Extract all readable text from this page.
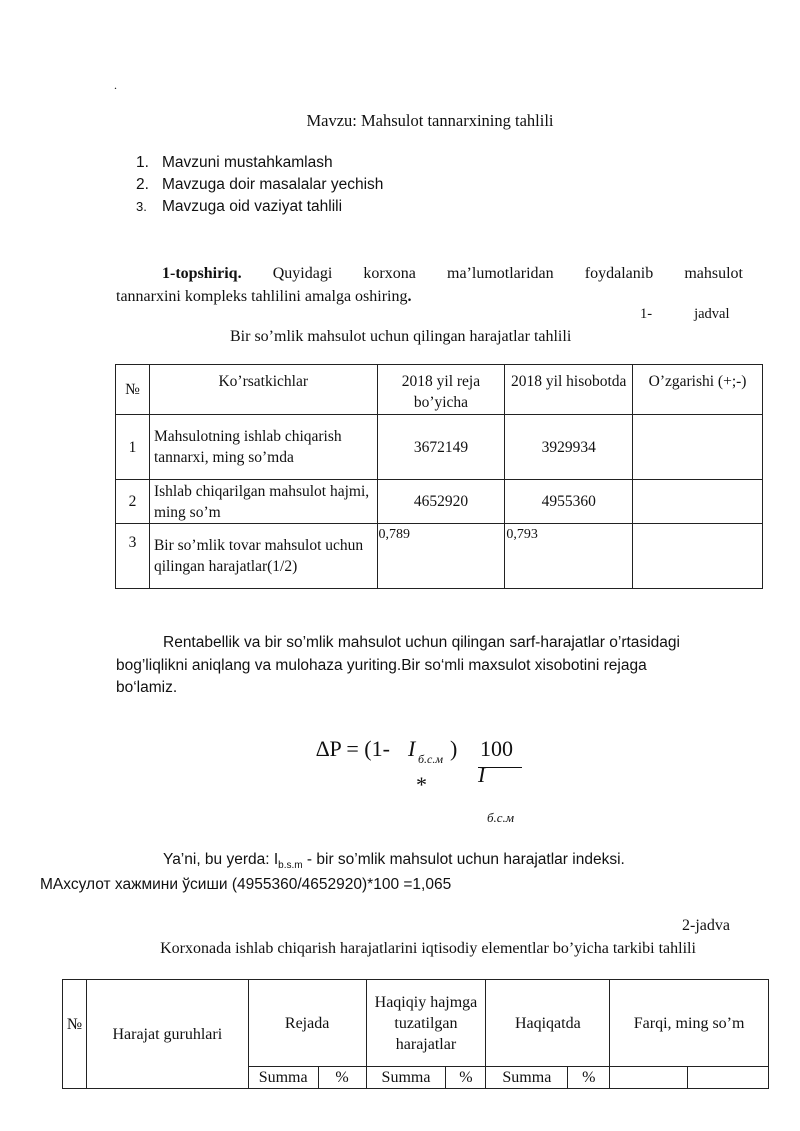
.
Mavzu: Mahsulot tannarxining tahlili
1. Mavzuni mustahkamlash
2. Mavzuga doir masalalar yechish
3. Mavzuga oid vaziyat tahlili
1-topshiriq. Quyidagi korxona ma’lumotlaridan foydalanib mahsulot
tannarxini kompleks tahlilini amalga oshiring.
1-	jadval
Bir so’mlik mahsulot uchun qilingan harajatlar tahlili
№	Ko’rsatkichlar	2018 yil reja bo’yicha	2018 yil hisobotda	O’zgarishi (+;-)
1	Mahsulotning ishlab chiqarish tannarxi, ming so’mda	3672149	3929934	
2	Ishlab chiqarilgan mahsulot hajmi, ming so’m	4652920	4955360	
3	Bir so’mlik tovar mahsulot uchun qilingan harajatlar(1/2)	0,789	0,793	
Rentabellik va bir so’mlik mahsulot uchun qilingan sarf-harajatlar o’rtasidagi
bog’liqlikni aniqlang va mulohaza yuriting.Bir so‘mli maxsulot xisobotini rejaga
bo‘lamiz.
∆P = (1- I б.с.м ) 100
* I
б.с.м
Ya’ni, bu yerda: $I_{b.s.m}$ - bir so’mlik mahsulot uchun harajatlar indeksi.
МАхсулот хажмини ўсиши (4955360/4652920)*100 =1,065
2-jadva
Korxonada ishlab chiqarish harajatlarini iqtisodiy elementlar bo’yicha tarkibi tahlili
№	Harajat guruhlari	Rejada		Haqiqiy hajmga tuzatilgan harajatlar		Haqiqatda		Farqi, ming so’m	
		Summa	%	Summa	%	Summa	%		
